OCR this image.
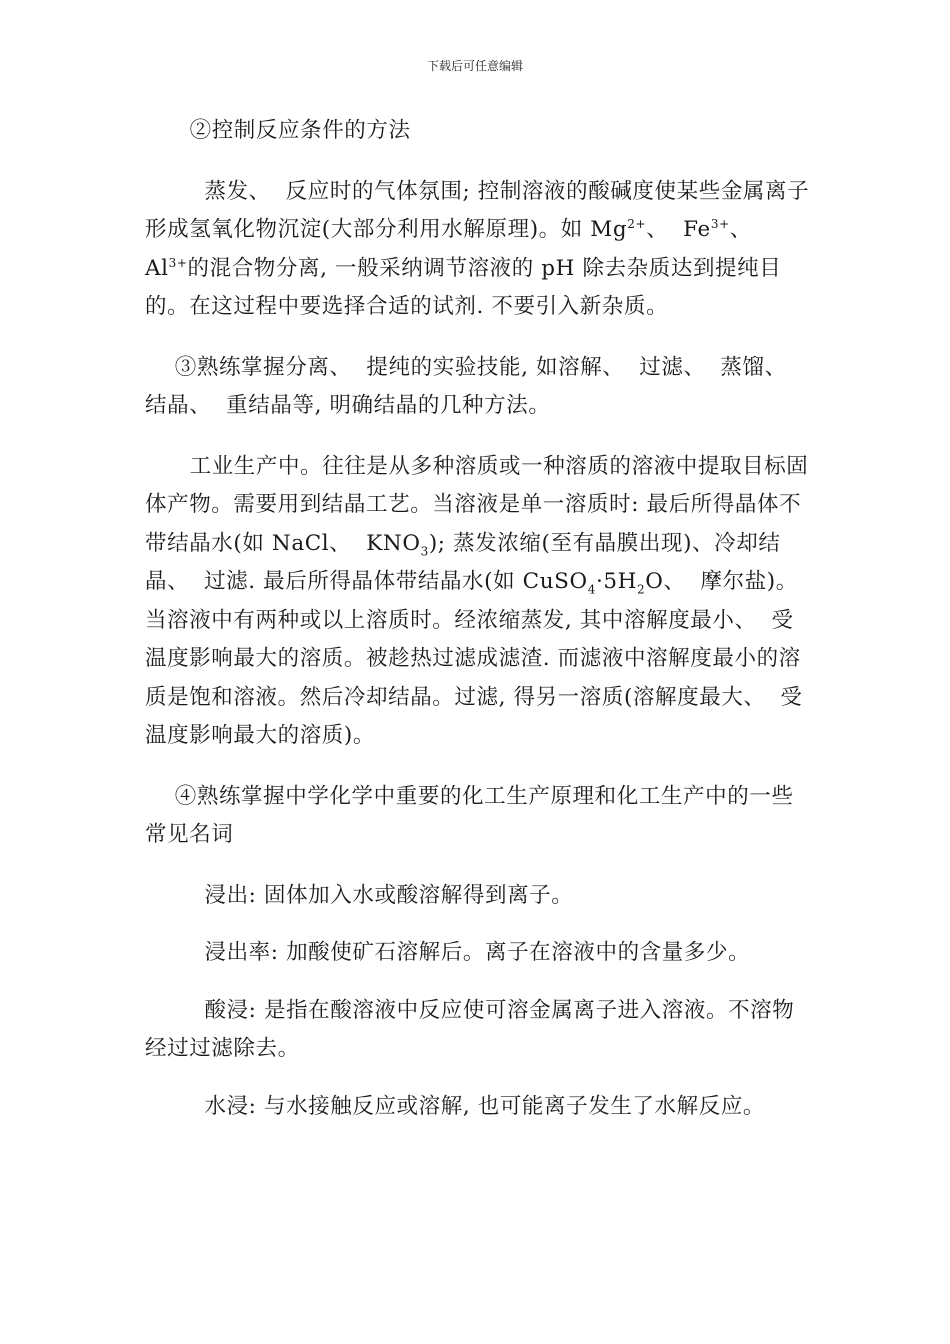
下载后可任意编辑

②控制反应条件的方法

蒸发、  反应时的气体氛围; 控制溶液的酸碱度使某些金属离子形成氢氧化物沉淀(大部分利用水解原理)。如 $Mg^{2+}$、  $Fe^{3+}$、$Al^{3+}$的混合物分离, 一般采纳调节溶液的 pH 除去杂质达到提纯目的。在这过程中要选择合适的试剂. 不要引入新杂质。

③熟练掌握分离、  提纯的实验技能, 如溶解、  过滤、  蒸馏、  结晶、  重结晶等, 明确结晶的几种方法。

工业生产中。往往是从多种溶质或一种溶质的溶液中提取目标固体产物。需要用到结晶工艺。当溶液是单一溶质时: 最后所得晶体不带结晶水(如 NaCl、  $KNO_3$); 蒸发浓缩(至有晶膜出现)、冷却结晶、  过滤. 最后所得晶体带结晶水(如 $CuSO_4\cdot 5H_2O$、  摩尔盐)。当溶液中有两种或以上溶质时。经浓缩蒸发, 其中溶解度最小、  受温度影响最大的溶质。被趁热过滤成滤渣. 而滤液中溶解度最小的溶质是饱和溶液。然后冷却结晶。过滤, 得另一溶质(溶解度最大、  受温度影响最大的溶质)。

④熟练掌握中学化学中重要的化工生产原理和化工生产中的一些常见名词

浸出: 固体加入水或酸溶解得到离子。

浸出率: 加酸使矿石溶解后。离子在溶液中的含量多少。

酸浸: 是指在酸溶液中反应使可溶金属离子进入溶液。不溶物经过过滤除去。

水浸: 与水接触反应或溶解, 也可能离子发生了水解反应。
